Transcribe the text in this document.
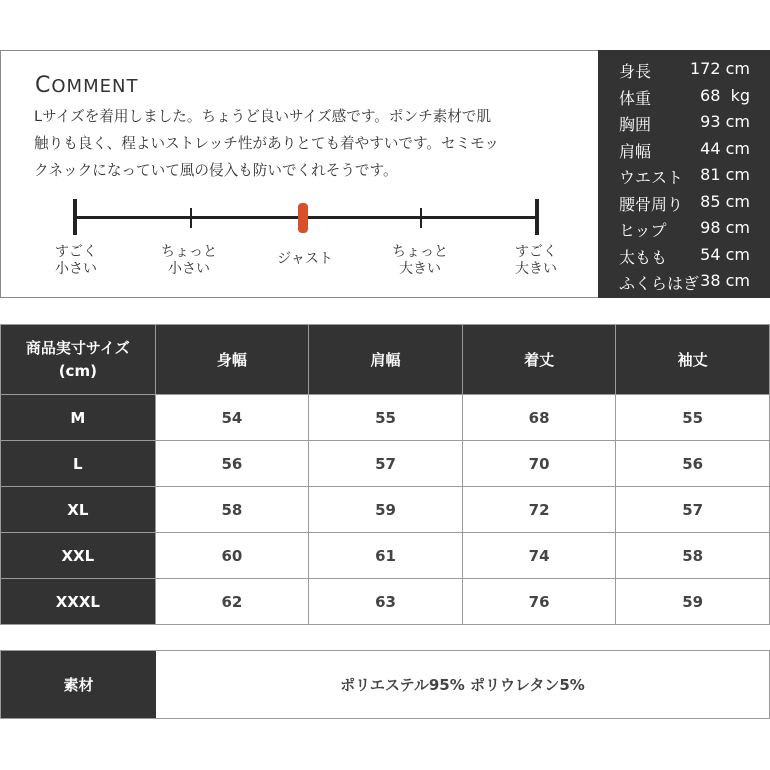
COMMENT
Lサイズを着用しました。ちょうど良いサイズ感です。ポンチ素材で肌
触りも良く、程よいストレッチ性がありとても着やすいです。セミモッ
クネックになっていて風の侵入も防いでくれそうです。
すごく
小さい
ちょっと
小さい
ジャスト	ちょっと
大きい
すごく
大きい
身長 172 cm
体重	68  kg
胸囲	93 cm
肩幅	44 cm
ウエスト 81 cm
腰骨周り 85 cm
ヒップ 98 cm
太もも 54 cm
ふくらはぎ 38 cm
商品実寸サイズ
(cm)	身幅	肩幅	着丈	袖丈
M	54	55	68	55
L	56	57	70	56
XL	58	59	72	57
XXL	60	61	74	58
XXXL	62	63	76	59
素材	ポリエステル95% ポリウレタン5%
